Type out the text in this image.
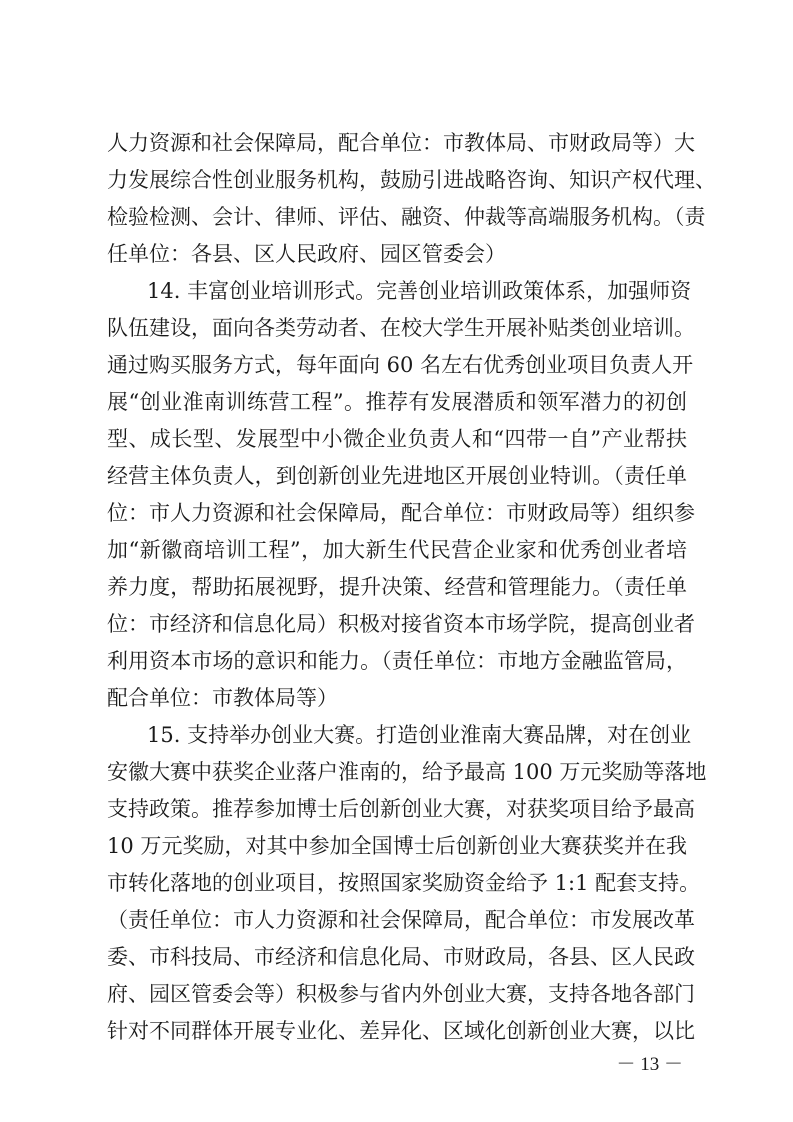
人力资源和社会保障局，配合单位：市教体局、市财政局等）大
力发展综合性创业服务机构，鼓励引进战略咨询、知识产权代理、
检验检测、会计、律师、评估、融资、仲裁等高端服务机构。（责
任单位：各县、区人民政府、园区管委会）
14. 丰富创业培训形式。完善创业培训政策体系，加强师资
队伍建设，面向各类劳动者、在校大学生开展补贴类创业培训。
通过购买服务方式，每年面向 60 名左右优秀创业项目负责人开
展“创业淮南训练营工程”。推荐有发展潜质和领军潜力的初创
型、成长型、发展型中小微企业负责人和“四带一自”产业帮扶
经营主体负责人，到创新创业先进地区开展创业特训。（责任单
位：市人力资源和社会保障局，配合单位：市财政局等）组织参
加“新徽商培训工程”，加大新生代民营企业家和优秀创业者培
养力度，帮助拓展视野，提升决策、经营和管理能力。（责任单
位：市经济和信息化局）积极对接省资本市场学院，提高创业者
利用资本市场的意识和能力。（责任单位：市地方金融监管局，
配合单位：市教体局等）
15. 支持举办创业大赛。打造创业淮南大赛品牌，对在创业
安徽大赛中获奖企业落户淮南的，给予最高 100 万元奖励等落地
支持政策。推荐参加博士后创新创业大赛，对获奖项目给予最高
10 万元奖励，对其中参加全国博士后创新创业大赛获奖并在我
市转化落地的创业项目，按照国家奖励资金给予 1:1 配套支持。
（责任单位：市人力资源和社会保障局，配合单位：市发展改革
委、市科技局、市经济和信息化局、市财政局，各县、区人民政
府、园区管委会等）积极参与省内外创业大赛，支持各地各部门
针对不同群体开展专业化、差异化、区域化创新创业大赛，以比
－ 13 －
